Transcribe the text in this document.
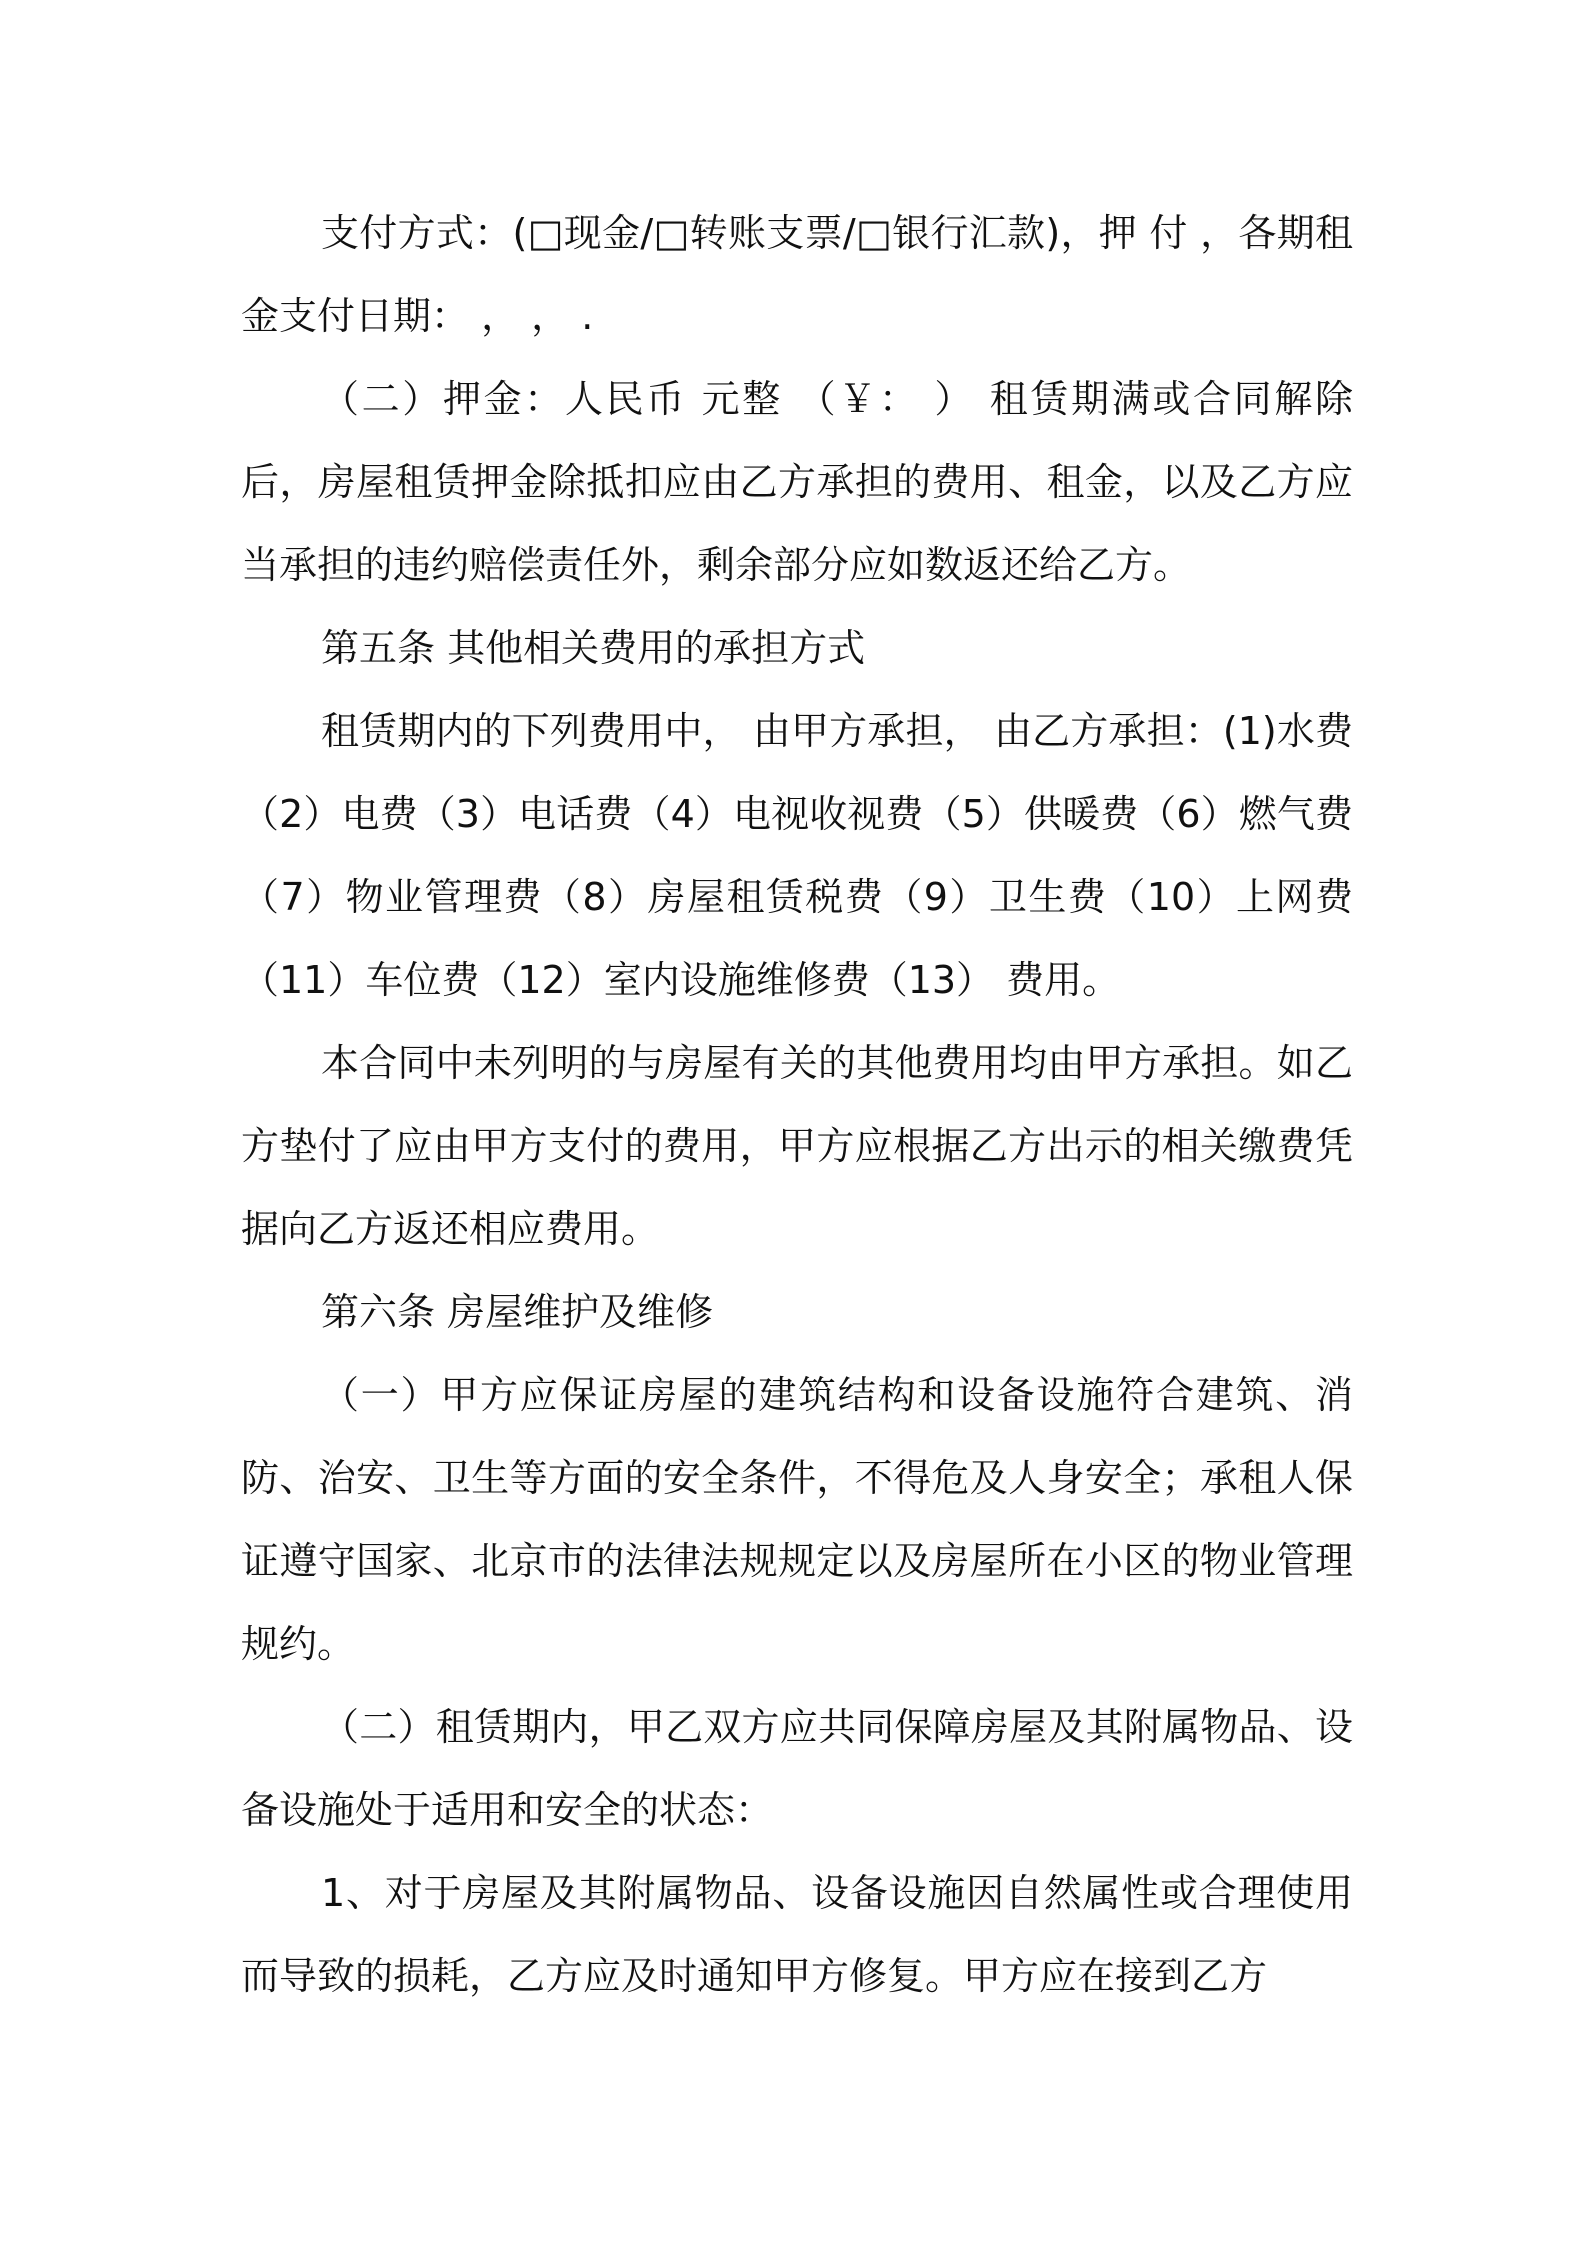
支付方式：(□现金/□转账支票/□银行汇款)，押 付 ，各期租金支付日期： ， ， .

（二）押金：人民币 元整 （￥： ） 租赁期满或合同解除后，房屋租赁押金除抵扣应由乙方承担的费用、租金，以及乙方应当承担的违约赔偿责任外，剩余部分应如数返还给乙方。

第五条 其他相关费用的承担方式

租赁期内的下列费用中， 由甲方承担， 由乙方承担：(1)水费（2）电费（3）电话费（4）电视收视费（5）供暖费（6）燃气费（7）物业管理费（8）房屋租赁税费（9）卫生费（10）上网费（11）车位费（12）室内设施维修费（13） 费用。

本合同中未列明的与房屋有关的其他费用均由甲方承担。如乙方垫付了应由甲方支付的费用，甲方应根据乙方出示的相关缴费凭据向乙方返还相应费用。

第六条 房屋维护及维修

（一）甲方应保证房屋的建筑结构和设备设施符合建筑、消防、治安、卫生等方面的安全条件，不得危及人身安全；承租人保证遵守国家、北京市的法律法规规定以及房屋所在小区的物业管理规约。

（二）租赁期内，甲乙双方应共同保障房屋及其附属物品、设备设施处于适用和安全的状态：

1、对于房屋及其附属物品、设备设施因自然属性或合理使用而导致的损耗，乙方应及时通知甲方修复。甲方应在接到乙方
